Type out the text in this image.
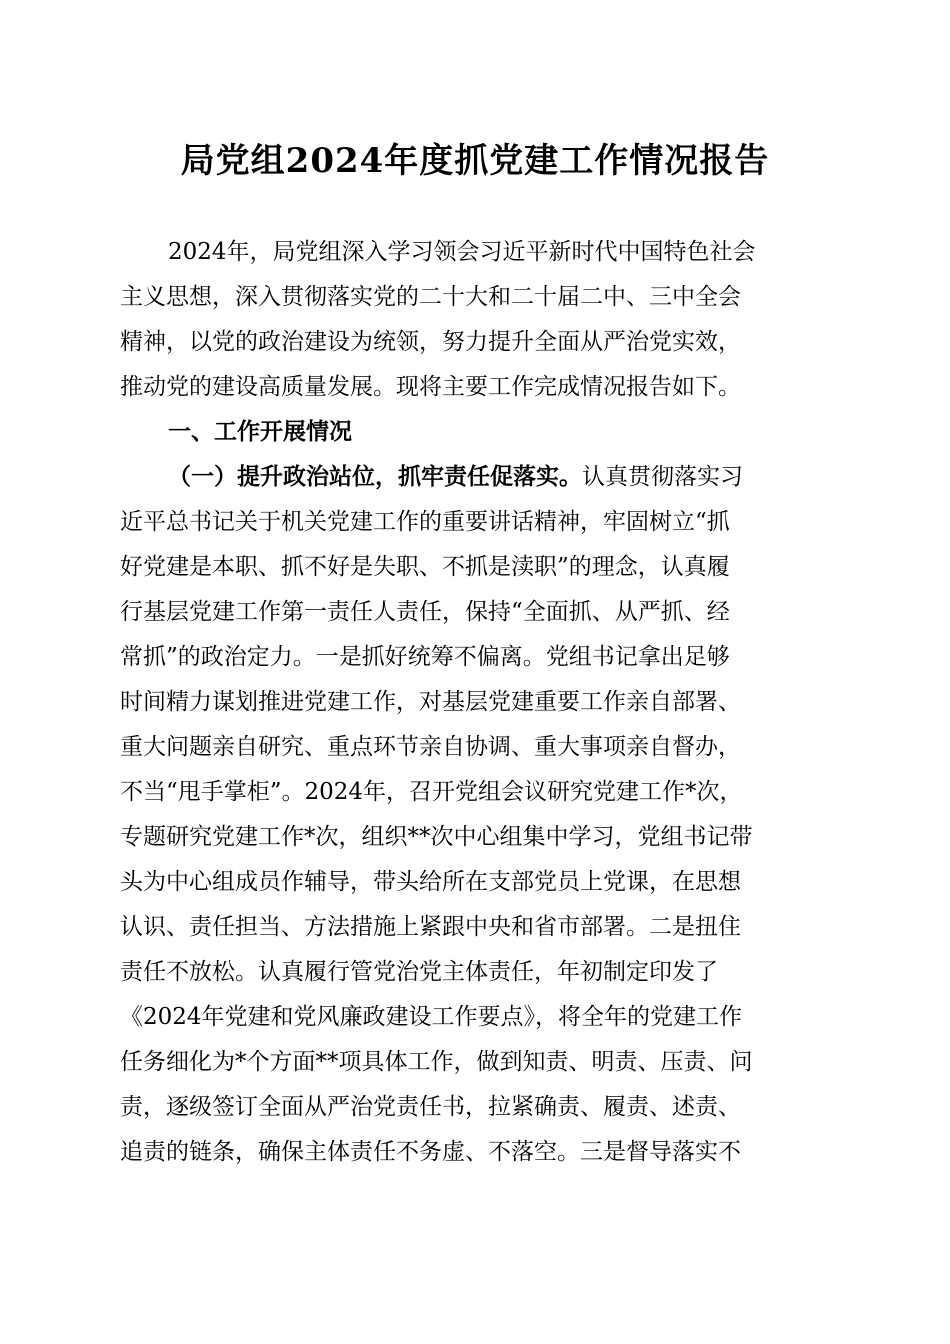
局党组2024年度抓党建工作情况报告
2024年，局党组深入学习领会习近平新时代中国特色社会
主义思想，深入贯彻落实党的二十大和二十届二中、三中全会
精神，以党的政治建设为统领，努力提升全面从严治党实效，
推动党的建设高质量发展。现将主要工作完成情况报告如下。
一、工作开展情况
（一）提升政治站位，抓牢责任促落实。认真贯彻落实习
近平总书记关于机关党建工作的重要讲话精神，牢固树立“抓
好党建是本职、抓不好是失职、不抓是渎职”的理念，认真履
行基层党建工作第一责任人责任，保持“全面抓、从严抓、经
常抓”的政治定力。一是抓好统筹不偏离。党组书记拿出足够
时间精力谋划推进党建工作，对基层党建重要工作亲自部署、
重大问题亲自研究、重点环节亲自协调、重大事项亲自督办，
不当“甩手掌柜”。2024年，召开党组会议研究党建工作*次，
专题研究党建工作*次，组织**次中心组集中学习，党组书记带
头为中心组成员作辅导，带头给所在支部党员上党课，在思想
认识、责任担当、方法措施上紧跟中央和省市部署。二是扭住
责任不放松。认真履行管党治党主体责任，年初制定印发了
《2024年党建和党风廉政建设工作要点》，将全年的党建工作
任务细化为*个方面**项具体工作，做到知责、明责、压责、问
责，逐级签订全面从严治党责任书，拉紧确责、履责、述责、
追责的链条，确保主体责任不务虚、不落空。三是督导落实不
